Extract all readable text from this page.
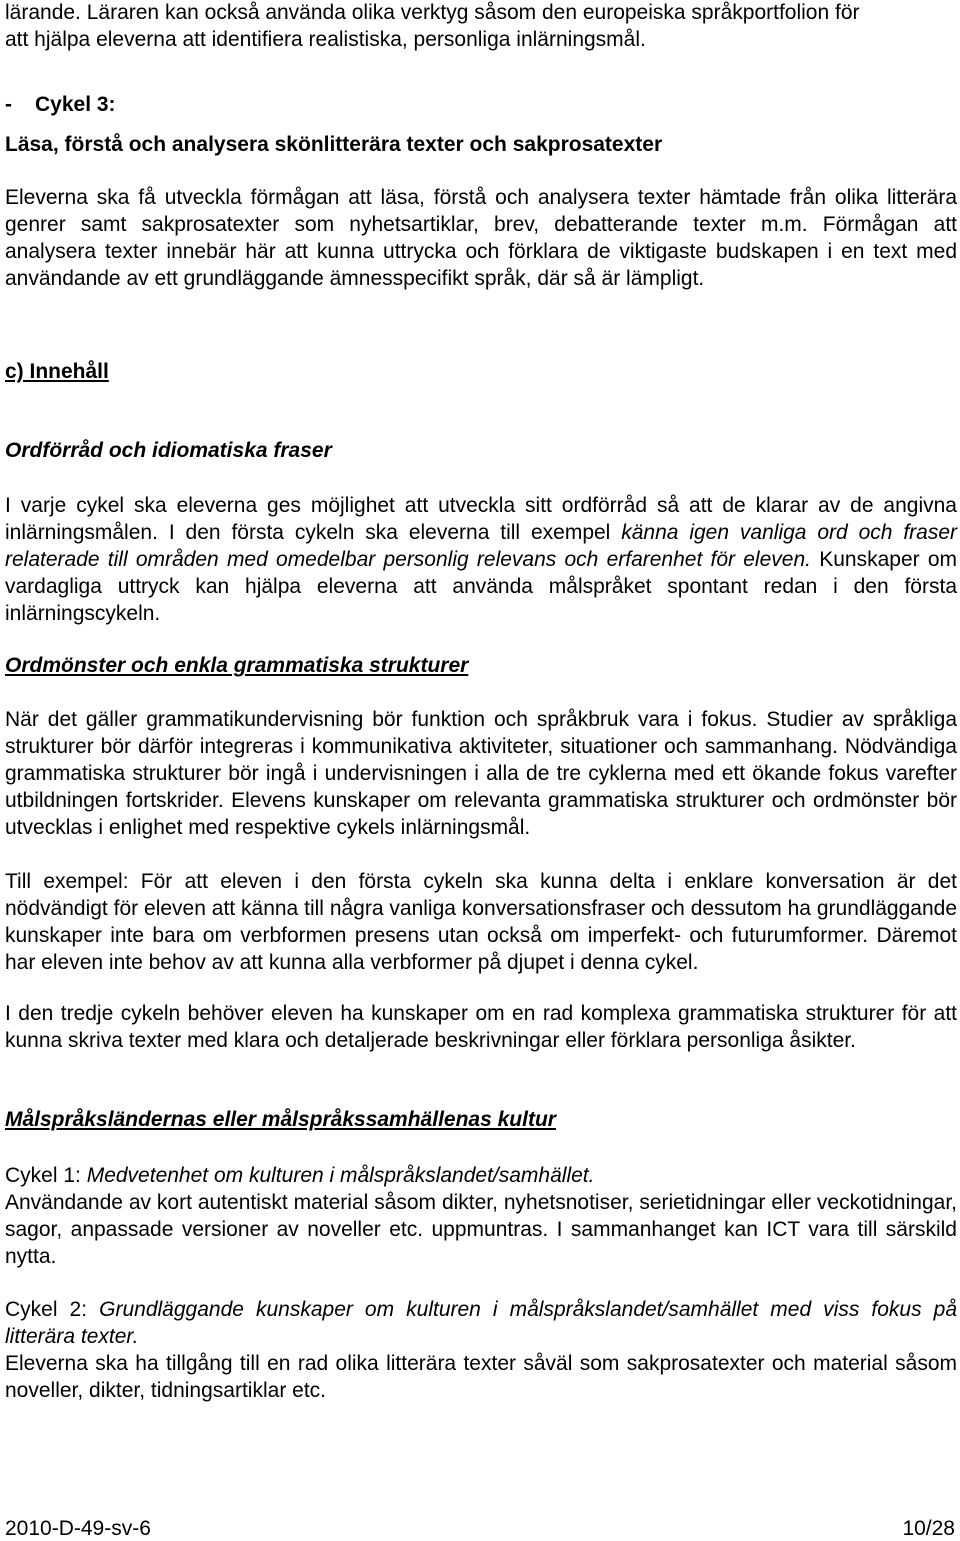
lärande. Läraren kan också använda olika verktyg såsom den europeiska språkportfolion för

att hjälpa eleverna att identifiera realistiska, personliga inlärningsmål.

- Cykel 3:
Läsa, förstå och analysera skönlitterära texter och sakprosatexter

Eleverna ska få utveckla förmågan att läsa, förstå och analysera texter hämtade från olika litterära genrer samt sakprosatexter som nyhetsartiklar, brev, debatterande texter m.m. Förmågan att analysera texter innebär här att kunna uttrycka och förklara de viktigaste budskapen i en text med användande av ett grundläggande ämnesspecifikt språk, där så är lämpligt.

c) Innehåll
Ordförråd och idiomatiska fraser

I varje cykel ska eleverna ges möjlighet att utveckla sitt ordförråd så att de klarar av de angivna inlärningsmålen. I den första cykeln ska eleverna till exempel känna igen vanliga ord och fraser relaterade till områden med omedelbar personlig relevans och erfarenhet för eleven. Kunskaper om vardagliga uttryck kan hjälpa eleverna att använda målspråket spontant redan i den första inlärningscykeln.

Ordmönster och enkla grammatiska strukturer

När det gäller grammatikundervisning bör funktion och språkbruk vara i fokus. Studier av språkliga strukturer bör därför integreras i kommunikativa aktiviteter, situationer och sammanhang. Nödvändiga grammatiska strukturer bör ingå i undervisningen i alla de tre cyklerna med ett ökande fokus varefter utbildningen fortskrider. Elevens kunskaper om relevanta grammatiska strukturer och ordmönster bör utvecklas i enlighet med respektive cykels inlärningsmål.

Till exempel: För att eleven i den första cykeln ska kunna delta i enklare konversation är det nödvändigt för eleven att känna till några vanliga konversationsfraser och dessutom ha grundläggande kunskaper inte bara om verbformen presens utan också om imperfekt- och futurumformer. Däremot har eleven inte behov av att kunna alla verbformer på djupet i denna cykel.

I den tredje cykeln behöver eleven ha kunskaper om en rad komplexa grammatiska strukturer för att kunna skriva texter med klara och detaljerade beskrivningar eller förklara personliga åsikter.

Målspråksländernas eller målspråkssamhällenas kultur

Cykel 1: Medvetenhet om kulturen i målspråkslandet/samhället.

Användande av kort autentiskt material såsom dikter, nyhetsnotiser, serietidningar eller veckotidningar, sagor, anpassade versioner av noveller etc. uppmuntras. I sammanhanget kan ICT vara till särskild nytta.

Cykel 2: Grundläggande kunskaper om kulturen i målspråkslandet/samhället med viss fokus på litterära texter.

Eleverna ska ha tillgång till en rad olika litterära texter såväl som sakprosatexter och material såsom noveller, dikter, tidningsartiklar etc.

2010-D-49-sv-6	10/28
